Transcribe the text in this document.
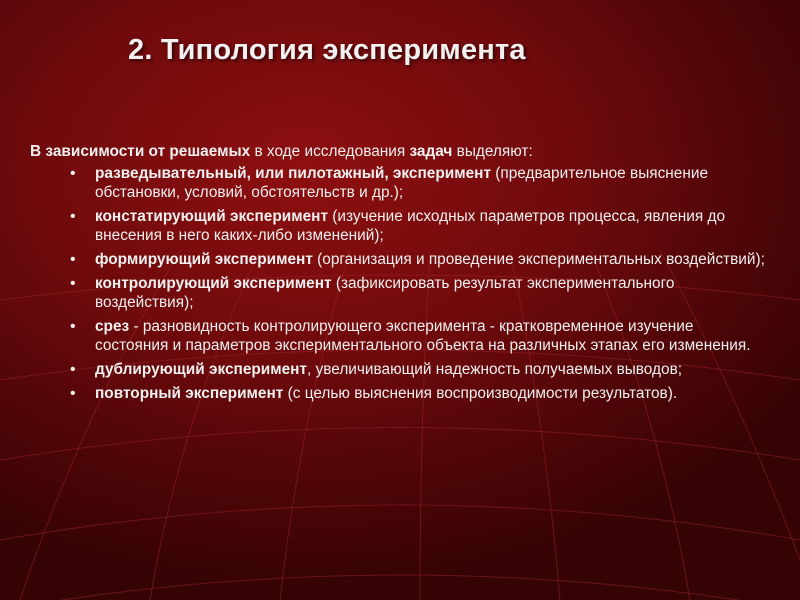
2. Типология эксперимента
В зависимости от решаемых в ходе исследования задач выделяют:
• разведывательный, или пилотажный, эксперимент (предварительное выяснение обстановки, условий, обстоятельств и др.);
• констатирующий эксперимент (изучение исходных параметров процесса, явления до внесения в него каких-либо изменений);
• формирующий эксперимент (организация и проведение экспериментальных воздействий);
• контролирующий эксперимент (зафиксировать результат экспериментального воздействия);
• срез - разновидность контролирующего эксперимента - кратковременное изучение состояния и параметров экспериментального объекта на различных этапах его изменения.
• дублирующий эксперимент, увеличивающий надежность получаемых выводов;
• повторный эксперимент (с целью выяснения воспроизводимости результатов).
